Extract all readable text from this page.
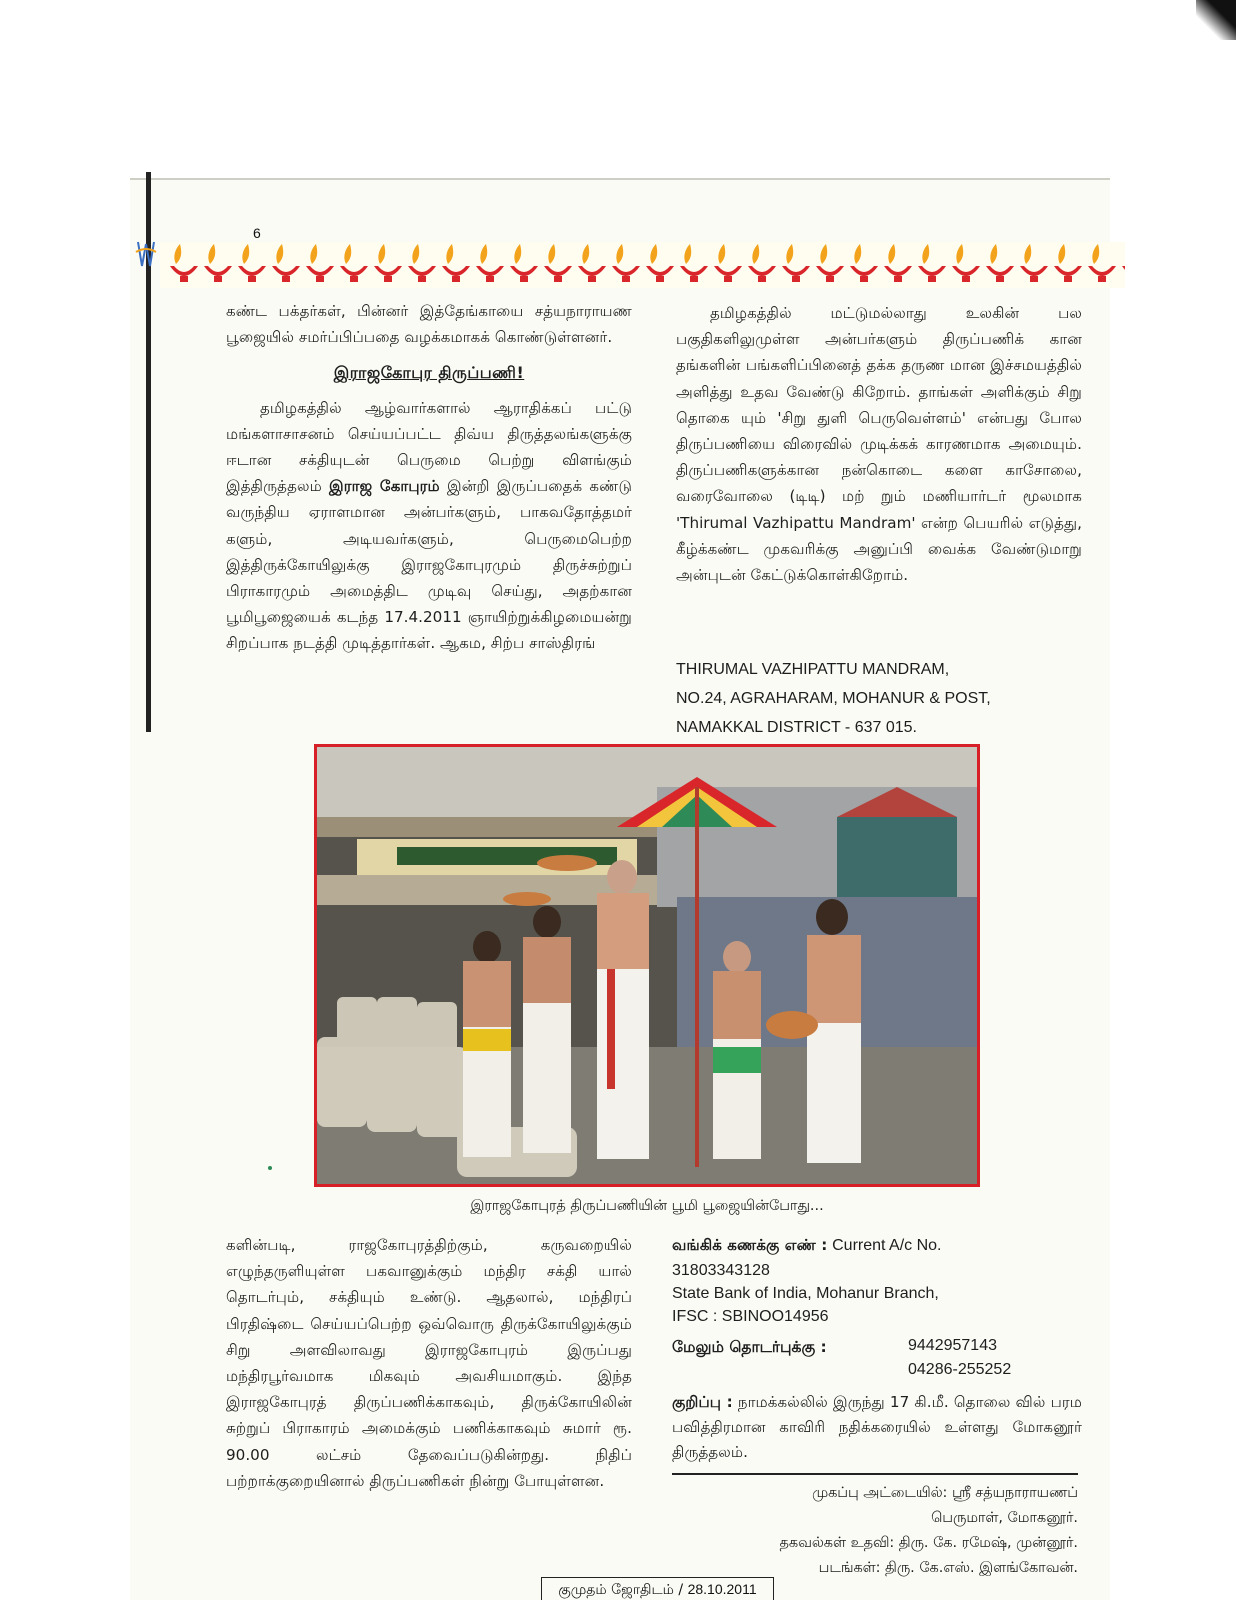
6

கண்ட பக்தர்கள், பின்னர் இத்தேங்காயை சத்யநாராயண பூஜையில் சமர்ப்பிப்பதை வழக்கமாகக் கொண்டுள்ளனர்.

இராஜகோபுர திருப்பணி!

தமிழகத்தில் ஆழ்வார்களால் ஆராதிக்கப் பட்டு மங்களாசாசனம் செய்யப்பட்ட திவ்ய திருத்தலங்களுக்கு ஈடான சக்தியுடன் பெருமை பெற்று விளங்கும் இத்திருத்தலம் இராஜ கோபுரம் இன்றி இருப்பதைக் கண்டு வருந்திய ஏராளமான அன்பர்களும், பாகவதோத்தமர் களும், அடியவர்களும், பெருமைபெற்ற இத்திருக்கோயிலுக்கு இராஜகோபுரமும் திருச்சுற்றுப் பிராகாரமும் அமைத்திட முடிவு செய்து, அதற்கான பூமிபூஜையைக் கடந்த 17.4.2011 ஞாயிற்றுக்கிழமையன்று சிறப்பாக நடத்தி முடித்தார்கள். ஆகம, சிற்ப சாஸ்திரங்

தமிழகத்தில் மட்டுமல்லாது உலகின் பல பகுதிகளிலுமுள்ள அன்பர்களும் திருப்பணிக் கான தங்களின் பங்களிப்பினைத் தக்க தருண மான இச்சமயத்தில் அளித்து உதவ வேண்டு கிறோம். தாங்கள் அளிக்கும் சிறு தொகை யும் 'சிறு துளி பெருவெள்ளம்' என்பது போல திருப்பணியை விரைவில் முடிக்கக் காரணமாக அமையும். திருப்பணிகளுக்கான நன்கொடை களை காசோலை, வரைவோலை (டிடி) மற் றும் மணியார்டர் மூலமாக 'Thirumal Vazhipattu Mandram' என்ற பெயரில் எடுத்து, கீழ்க்கண்ட முகவரிக்கு அனுப்பி வைக்க வேண்டுமாறு அன்புடன் கேட்டுக்கொள்கிறோம்.

THIRUMAL VAZHIPATTU MANDRAM,
NO.24, AGRAHARAM, MOHANUR & POST,
NAMAKKAL DISTRICT - 637 015.
இராஜகோபுரத் திருப்பணியின் பூமி பூஜையின்போது...

களின்படி, ராஜகோபுரத்திற்கும், கருவறையில் எழுந்தருளியுள்ள பகவானுக்கும் மந்திர சக்தி யால் தொடர்பும், சக்தியும் உண்டு. ஆதலால், மந்திரப் பிரதிஷ்டை செய்யப்பெற்ற ஒவ்வொரு திருக்கோயிலுக்கும் சிறு அளவிலாவது இராஜகோபுரம் இருப்பது மந்திரபூர்வமாக மிகவும் அவசியமாகும். இந்த இராஜகோபுரத் திருப்பணிக்காகவும், திருக்கோயிலின் சுற்றுப் பிராகாரம் அமைக்கும் பணிக்காகவும் சுமார் ரூ. 90.00 லட்சம் தேவைப்படுகின்றது. நிதிப் பற்றாக்குறையினால் திருப்பணிகள் நின்று போயுள்ளன.

வங்கிக் கணக்கு எண் : Current A/c No.
31803343128
State Bank of India, Mohanur Branch,
IFSC : SBINOO14956
மேலும் தொடர்புக்கு :	9442957143
04286-255252
குறிப்பு : நாமக்கல்லில் இருந்து 17 கி.மீ. தொலை வில் பரம பவித்திரமான காவிரி நதிக்கரையில் உள்ளது மோகனூர் திருத்தலம்.
முகப்பு அட்டையில்: ஸ்ரீ சத்யநாராயணப்
பெருமாள், மோகனூர்.
தகவல்கள் உதவி: திரு. கே. ரமேஷ், முன்னூர்.
படங்கள்: திரு. கே.எஸ். இளங்கோவன்.
குமுதம் ஜோதிடம் / 28.10.2011
